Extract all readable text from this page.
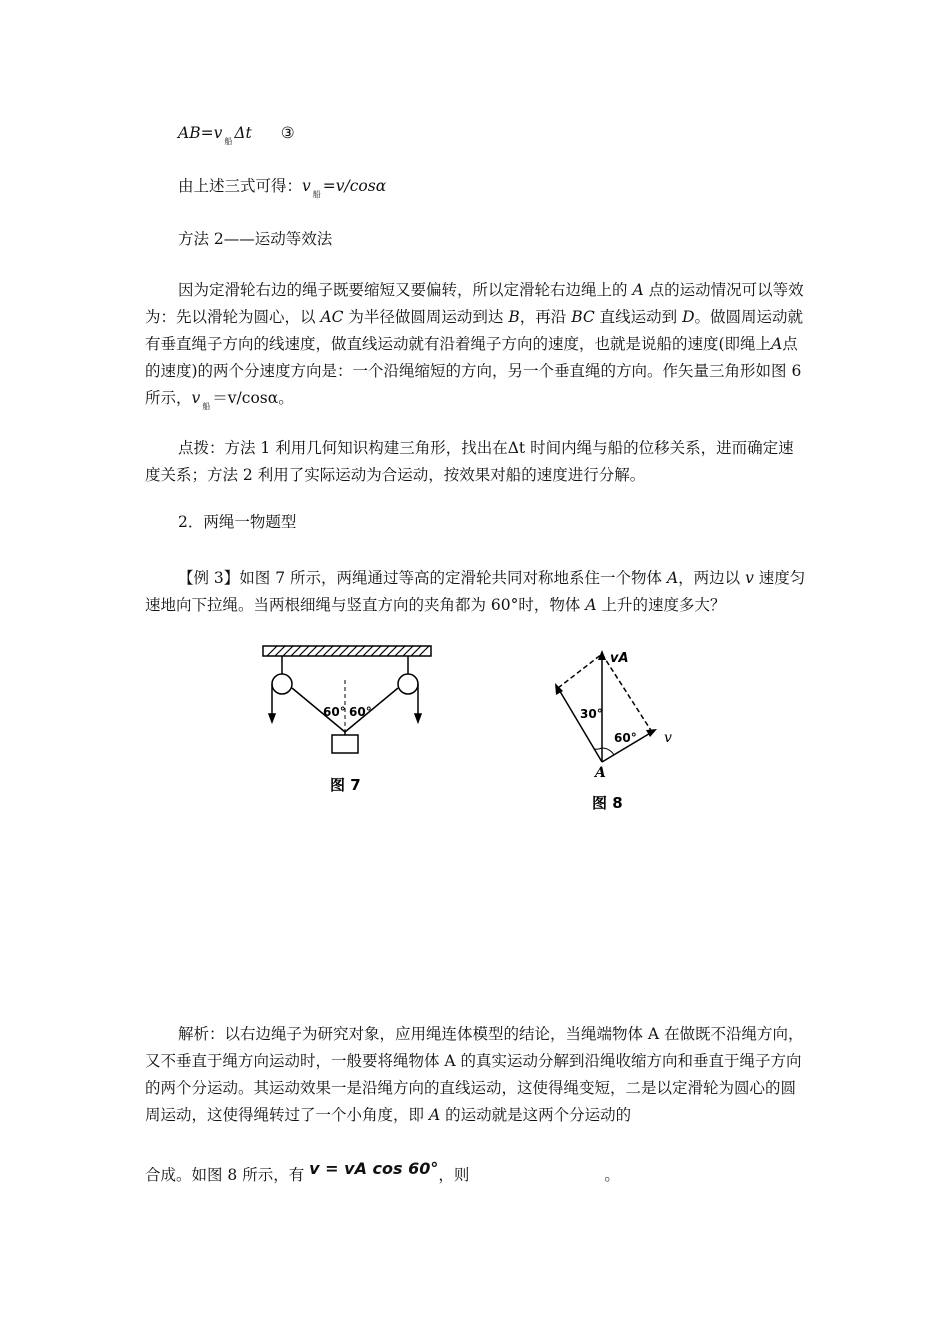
AB=v $_船$ Δt ③
由上述三式可得：v $_船$ =v/cosα
方法 2——运动等效法
因为定滑轮右边的绳子既要缩短又要偏转，所以定滑轮右边绳上的 A 点的运动情况可以等效为：先以滑轮为圆心，以 AC 为半径做圆周运动到达 B，再沿 BC 直线运动到 D。做圆周运动就有垂直绳子方向的线速度，做直线运动就有沿着绳子方向的速度，也就是说船的速度(即绳上A点的速度)的两个分速度方向是：一个沿绳缩短的方向，另一个垂直绳的方向。作矢量三角形如图 6 所示，v $_船$ ＝v/cosα。
点拨：方法 1 利用几何知识构建三角形，找出在Δt 时间内绳与船的位移关系，进而确定速度关系；方法 2 利用了实际运动为合运动，按效果对船的速度进行分解。
2．两绳一物题型
【例 3】如图 7 所示，两绳通过等高的定滑轮共同对称地系住一个物体 A，两边以 v 速度匀速地向下拉绳。当两根细绳与竖直方向的夹角都为 60°时，物体 A 上升的速度多大？
60° 60°
图 7
vA
30°
60° v
A
图 8
解析：以右边绳子为研究对象，应用绳连体模型的结论，当绳端物体 A 在做既不沿绳方向，又不垂直于绳方向运动时，一般要将绳物体 A 的真实运动分解到沿绳收缩方向和垂直于绳子方向的两个分运动。其运动效果一是沿绳方向的直线运动，这使得绳变短，二是以定滑轮为圆心的圆周运动，这使得绳转过了一个小角度，即 A 的运动就是这两个分运动的
合成。如图 8 所示，有 v = vA cos 60°，则	。
